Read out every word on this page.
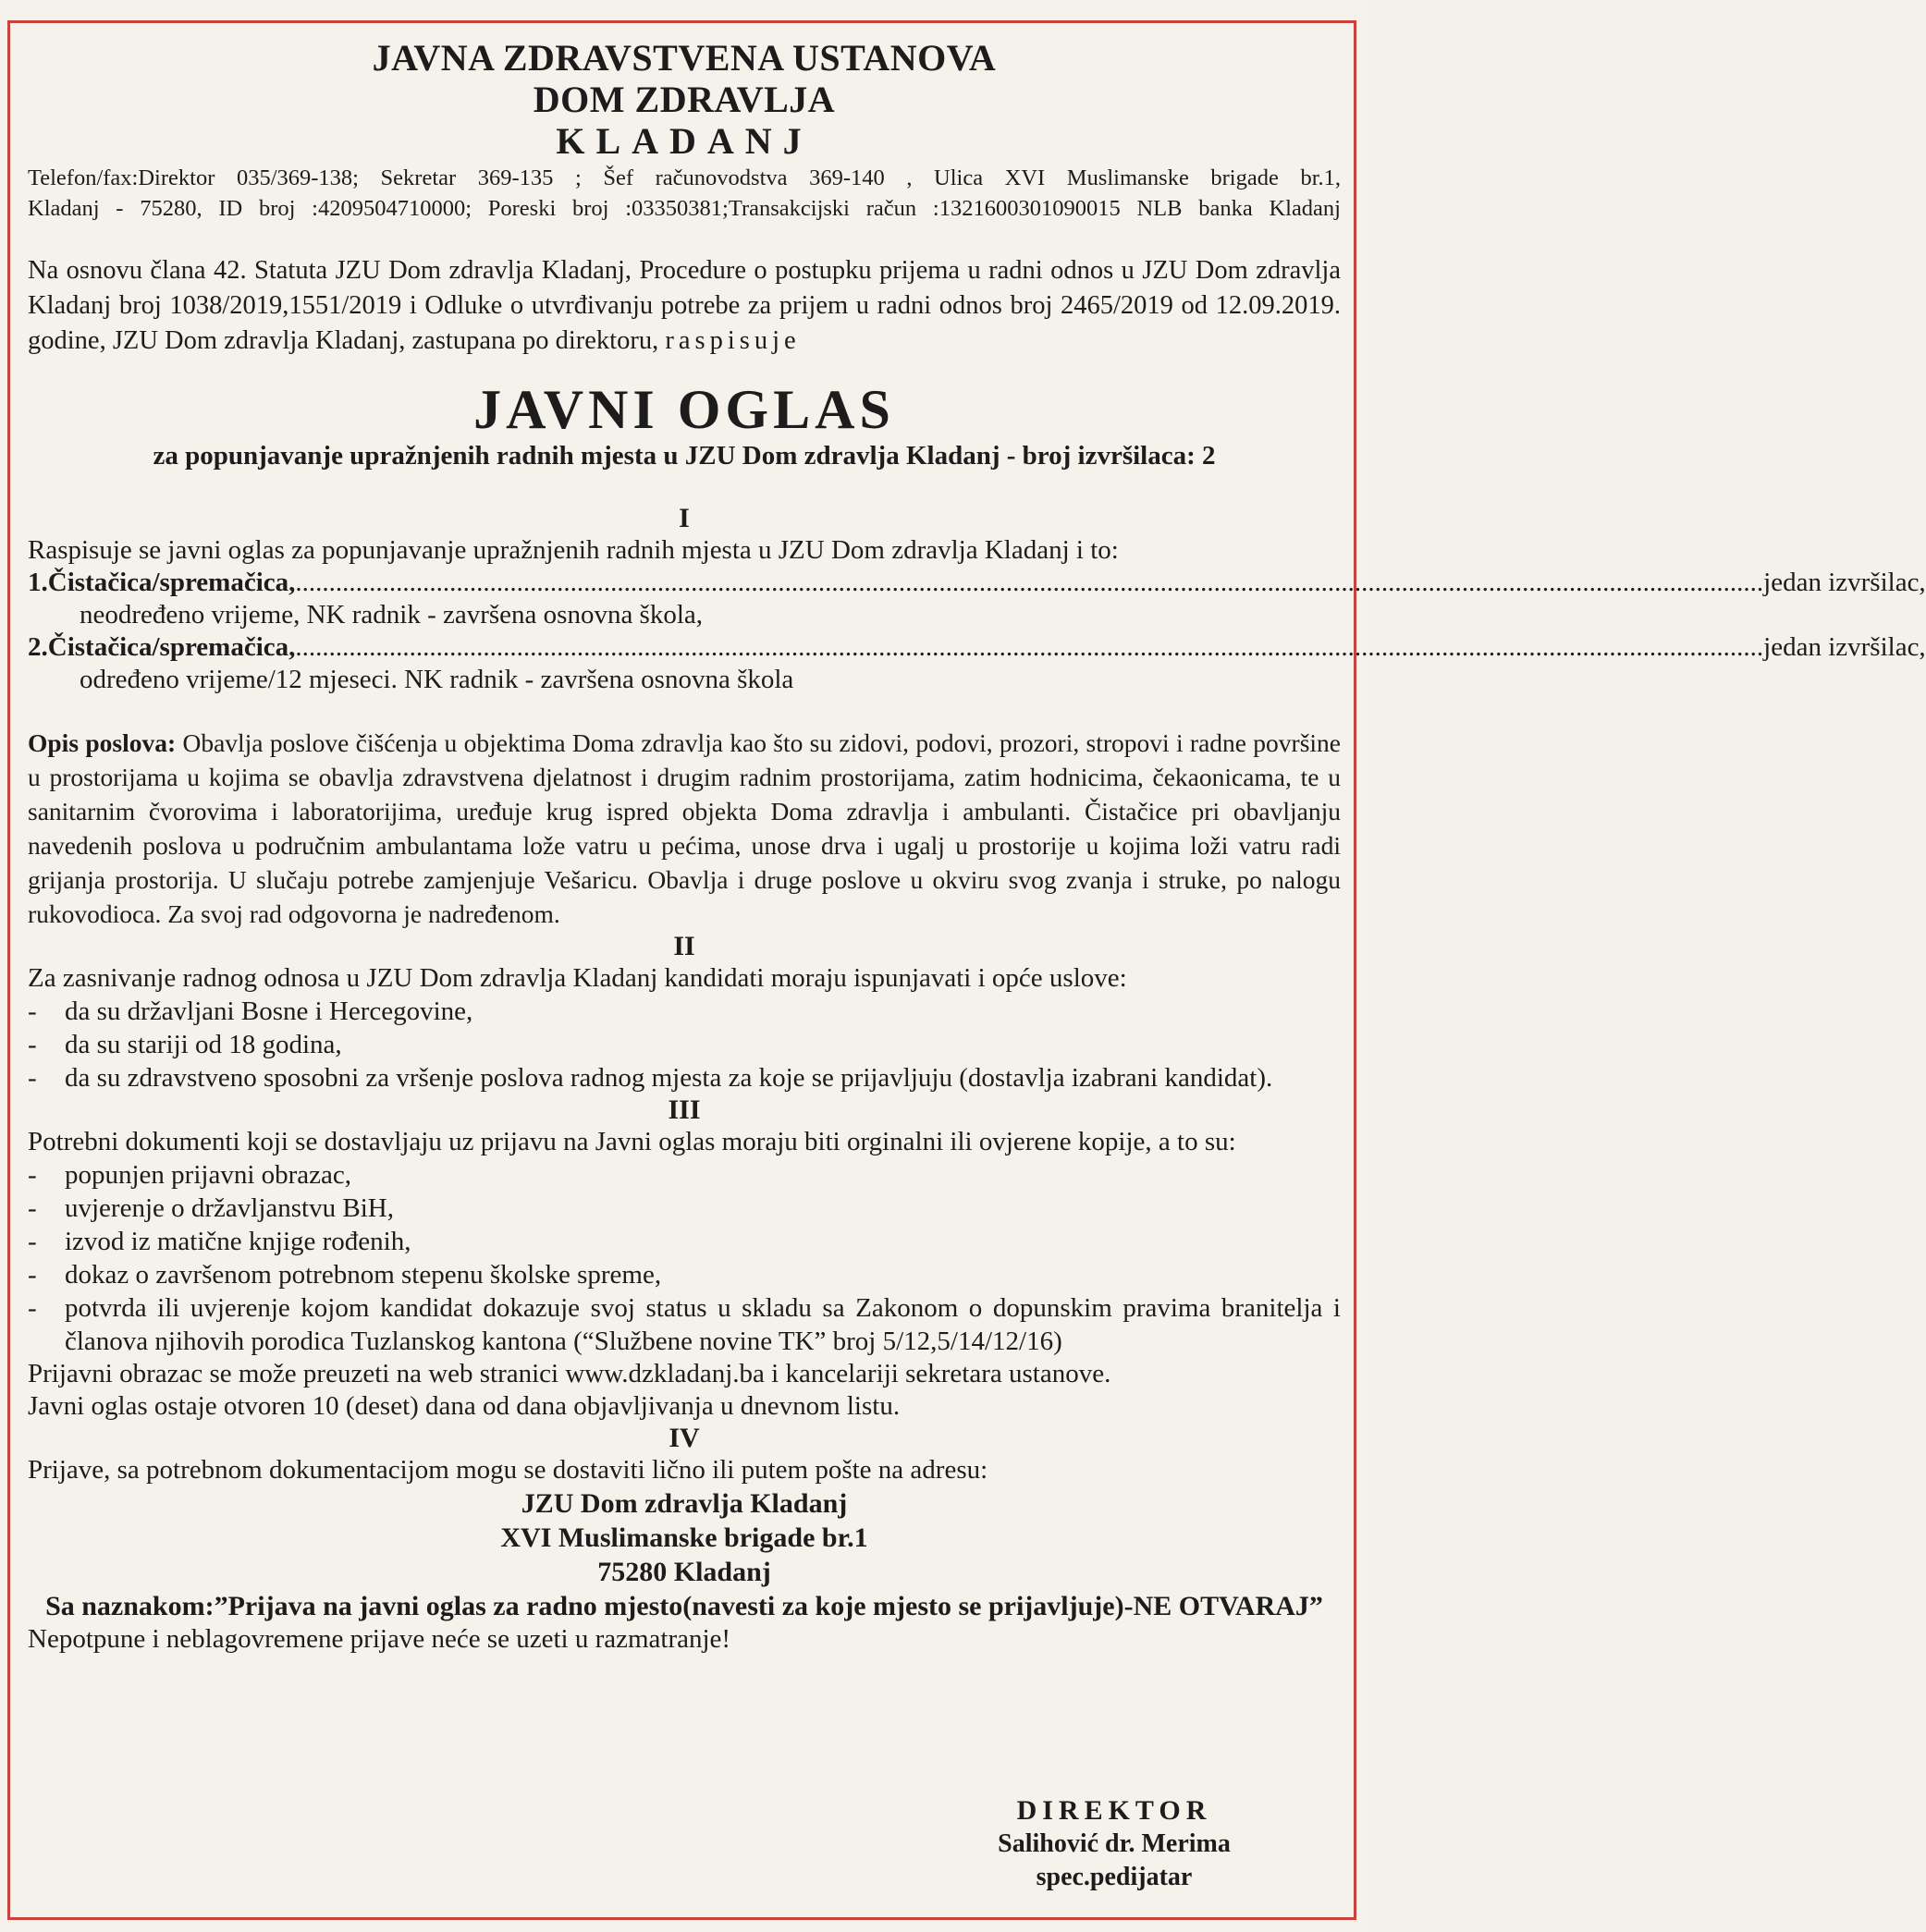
JAVNA ZDRAVSTVENA USTANOVA
DOM ZDRAVLJA
KLADANJ
Telefon/fax:Direktor 035/369-138; Sekretar 369-135 ; Šef računovodstva 369-140 , Ulica XVI Muslimanske brigade br.1,
Kladanj - 75280, ID broj :4209504710000; Poreski broj :03350381;Transakcijski račun :1321600301090015 NLB banka Kladanj
Na osnovu člana 42. Statuta JZU Dom zdravlja Kladanj, Procedure o postupku prijema u radni odnos u JZU Dom zdravlja Kladanj broj 1038/2019,1551/2019 i Odluke o utvrđivanju potrebe za prijem u radni odnos broj 2465/2019 od 12.09.2019. godine, JZU Dom zdravlja Kladanj, zastupana po direktoru, raspisuje
JAVNI OGLAS
za popunjavanje upražnjenih radnih mjesta u JZU Dom zdravlja Kladanj - broj izvršilaca: 2
I
Raspisuje se javni oglas za popunjavanje upražnjenih radnih mjesta u JZU Dom zdravlja Kladanj i to:
1. Čistačica/spremačica, .....	jedan izvršilac,
neodređeno vrijeme, NK radnik - završena osnovna škola,
2. Čistačica/spremačica, .....	jedan izvršilac,
određeno vrijeme/12 mjeseci. NK radnik - završena osnovna škola
Opis poslova: Obavlja poslove čišćenja u objektima Doma zdravlja kao što su zidovi, podovi, prozori, stropovi i radne površine u prostorijama u kojima se obavlja zdravstvena djelatnost i drugim radnim prostorijama, zatim hodnicima, čekaonicama, te u sanitarnim čvorovima i laboratorijima, uređuje krug ispred objekta Doma zdravlja i ambulanti. Čistačice pri obavljanju navedenih poslova u područnim ambulantama lože vatru u pećima, unose drva i ugalj u prostorije u kojima loži vatru radi grijanja prostorija. U slučaju potrebe zamjenjuje Vešaricu. Obavlja i druge poslove u okviru svog zvanja i struke, po nalogu rukovodioca. Za svoj rad odgovorna je nadređenom.
II
Za zasnivanje radnog odnosa u JZU Dom zdravlja Kladanj kandidati moraju ispunjavati i opće uslove:
- da su državljani Bosne i Hercegovine,
- da su stariji od 18 godina,
- da su zdravstveno sposobni za vršenje poslova radnog mjesta za koje se prijavljuju (dostavlja izabrani kandidat).
III
Potrebni dokumenti koji se dostavljaju uz prijavu na Javni oglas moraju biti orginalni ili ovjerene kopije, a to su:
- popunjen prijavni obrazac,
- uvjerenje o državljanstvu BiH,
- izvod iz matične knjige rođenih,
- dokaz o završenom potrebnom stepenu školske spreme,
- potvrda ili uvjerenje kojom kandidat dokazuje svoj status u skladu sa Zakonom o dopunskim pravima branitelja i članova njihovih porodica Tuzlanskog kantona (“Službene novine TK” broj 5/12,5/14/12/16)
Prijavni obrazac se može preuzeti na web stranici www.dzkladanj.ba i kancelariji sekretara ustanove.
Javni oglas ostaje otvoren 10 (deset) dana od dana objavljivanja u dnevnom listu.
IV
Prijave, sa potrebnom dokumentacijom mogu se dostaviti lično ili putem pošte na adresu:
JZU Dom zdravlja Kladanj
XVI Muslimanske brigade br.1
75280 Kladanj
Sa naznakom:”Prijava na javni oglas za radno mjesto(navesti za koje mjesto se prijavljuje)-NE OTVARAJ”
Nepotpune i neblagovremene prijave neće se uzeti u razmatranje!
DIREKTOR
Salihović dr. Merima
spec.pedijatar
